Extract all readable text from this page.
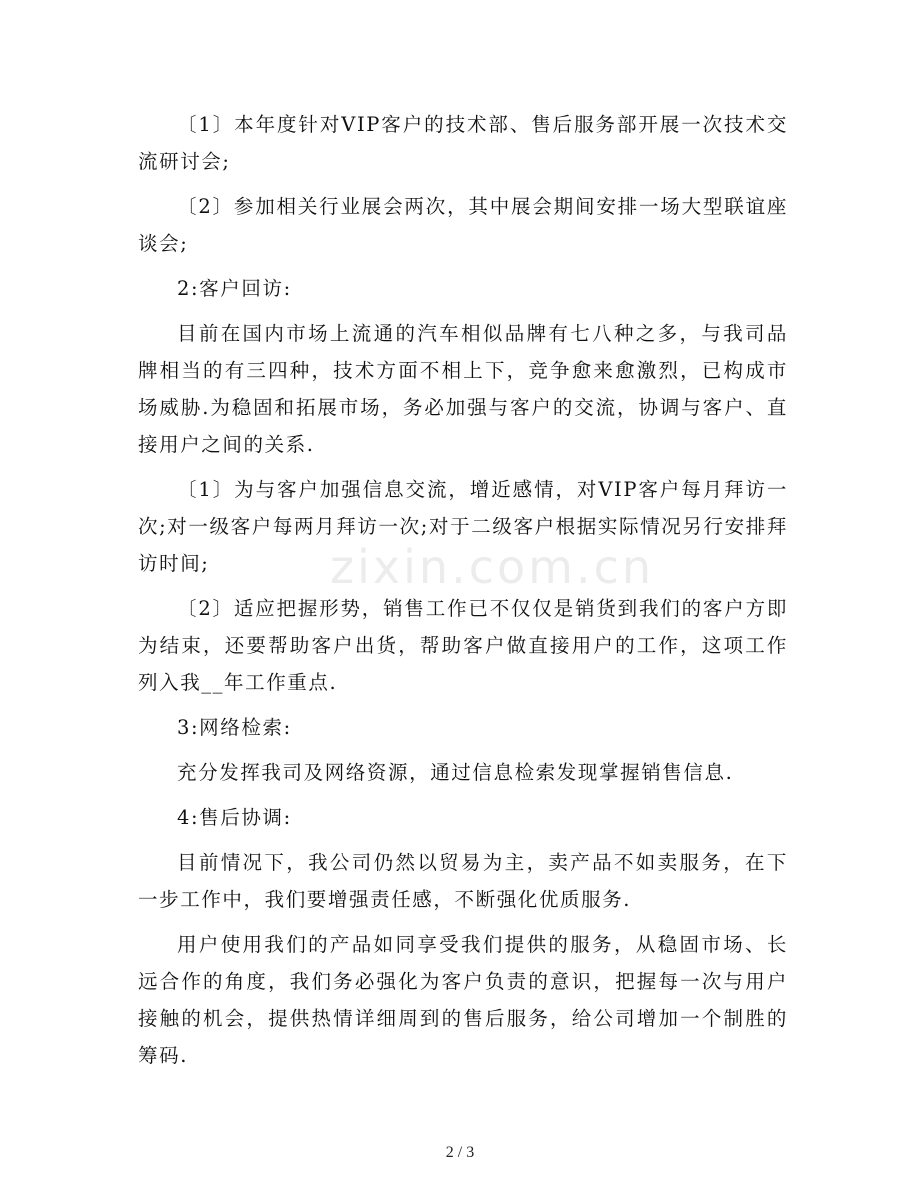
〔1〕本年度针对VIP客户的技术部、售后服务部开展一次技术交流研讨会;

〔2〕参加相关行业展会两次，其中展会期间安排一场大型联谊座谈会;

2:客户回访:

目前在国内市场上流通的汽车相似品牌有七八种之多，与我司品牌相当的有三四种，技术方面不相上下，竞争愈来愈激烈，已构成市场威胁.为稳固和拓展市场，务必加强与客户的交流，协调与客户、直接用户之间的关系.

〔1〕为与客户加强信息交流，增近感情，对VIP客户每月拜访一次;对一级客户每两月拜访一次;对于二级客户根据实际情况另行安排拜访时间;

〔2〕适应把握形势，销售工作已不仅仅是销货到我们的客户方即为结束，还要帮助客户出货，帮助客户做直接用户的工作，这项工作列入我__年工作重点.

3:网络检索:

充分发挥我司及网络资源，通过信息检索发现掌握销售信息.

4:售后协调:

目前情况下，我公司仍然以贸易为主，卖产品不如卖服务，在下一步工作中，我们要增强责任感，不断强化优质服务.

用户使用我们的产品如同享受我们提供的服务，从稳固市场、长远合作的角度，我们务必强化为客户负责的意识，把握每一次与用户接触的机会，提供热情详细周到的售后服务，给公司增加一个制胜的筹码.

zixin.com.cn
2 / 3
